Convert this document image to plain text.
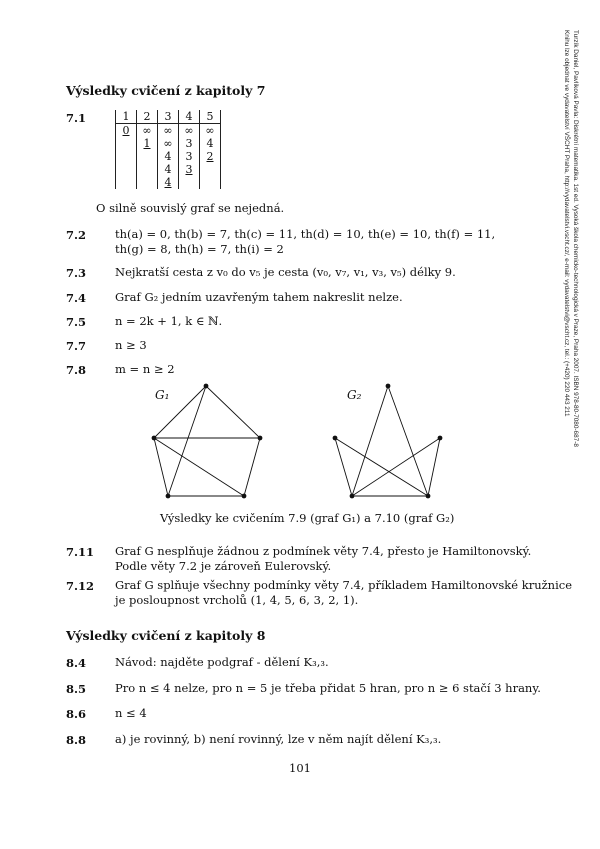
Turzík Daniel, Pavlíková Pavla: Diskrétní matematika. 1st ed. Vysoká škola chemicko-technologická v Praze, Praha 2007. ISBN 978-80-7080-687-8
Knihu lze objednat ve vydavatelství VŠCHT Praha, http://vydavatelstvi.vscht.cz/, e-mail: vydavatelstvi@vscht.cz, tel.: (+420) 220 443 211
Výsledky cvičení z kapitoly 7
7.1	1	2	3	4	5
0	∞	∞	∞	∞
	1	∞	3	4
		4	3	2
		4	3	
		4		
O silně souvislý graf se nejedná.
7.2	th(a) = 0, th(b) = 7, th(c) = 11, th(d) = 10, th(e) = 10, th(f) = 11,
th(g) = 8, th(h) = 7, th(i) = 2
7.3	Nejkratší cesta z v₀ do v₅ je cesta (v₀, v₇, v₁, v₃, v₅) délky 9.
7.4	Graf G₂ jedním uzavřeným tahem nakreslit nelze.
7.5	n = 2k + 1, k ∈ ℕ.
7.7	n ≥ 3
7.8	m = n ≥ 2
G₁	G₂
Výsledky ke cvičením 7.9 (graf G₁) a 7.10 (graf G₂)
7.11 Graf G nesplňuje žádnou z podmínek věty 7.4, přesto je Hamiltonovský.
Podle věty 7.2 je zároveň Eulerovský.
7.12 Graf G splňuje všechny podmínky věty 7.4, příkladem Hamiltonovské kružnice
je posloupnost vrcholů (1, 4, 5, 6, 3, 2, 1).
Výsledky cvičení z kapitoly 8
8.4	Návod: najděte podgraf - dělení K₃,₃.
8.5	Pro n ≤ 4 nelze, pro n = 5 je třeba přidat 5 hran, pro n ≥ 6 stačí 3 hrany.
8.6	n ≤ 4
8.8	a) je rovinný, b) není rovinný, lze v něm najít dělení K₃,₃.
101
